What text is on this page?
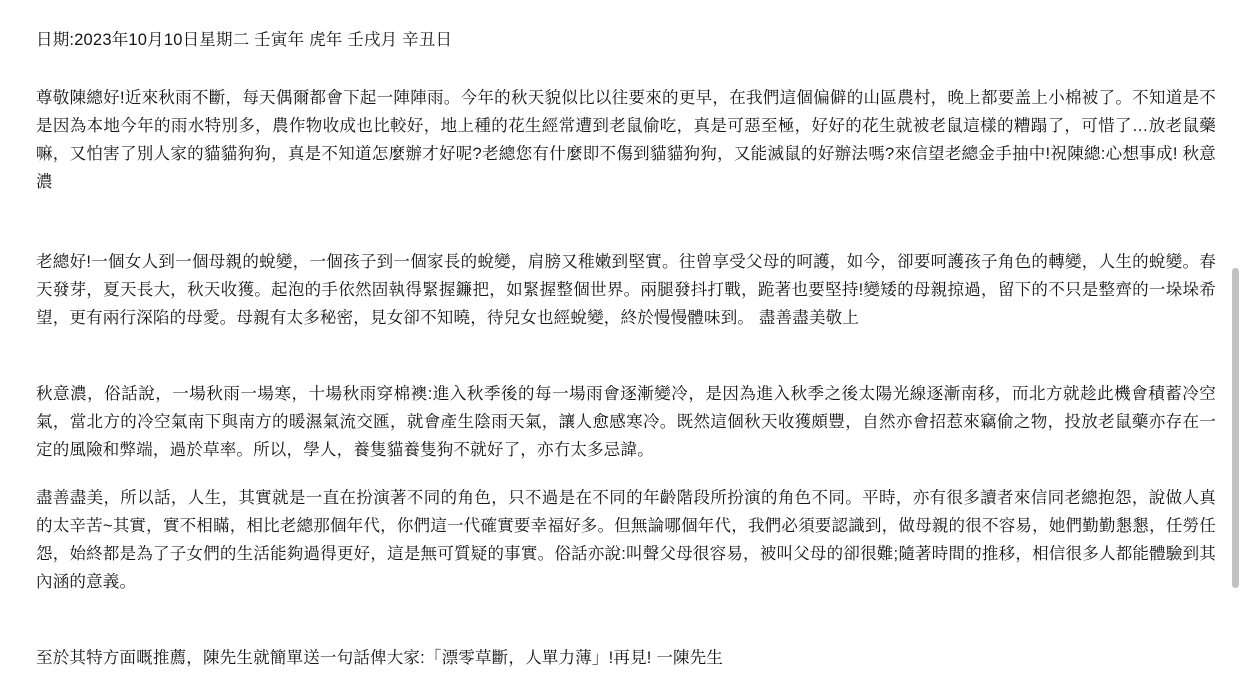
日期:2023年10月10日星期二 壬寅年 虎年 壬戌月 辛丑日

尊敬陳總好!近來秋雨不斷，每天偶爾都會下起一陣陣雨。今年的秋天貌似比以往要來的更早，在我們這個偏僻的山區農村，晚上都要盖上小棉被了。不知道是不是因為本地今年的雨水特別多，農作物收成也比較好，地上種的花生經常遭到老鼠偷吃，真是可惡至極，好好的花生就被老鼠這樣的糟蹋了，可惜了…放老鼠藥嘛，又怕害了別人家的貓貓狗狗，真是不知道怎麼辦才好呢?老總您有什麼即不傷到貓貓狗狗，又能滅鼠的好辦法嗎?來信望老總金手抽中!祝陳總:心想事成! 秋意濃

老總好!一個女人到一個母親的蛻變，一個孩子到一個家長的蛻變，肩膀又稚嫩到堅實。往曾享受父母的呵護，如今，卻要呵護孩子角色的轉變，人生的蛻變。春天發芽，夏天長大，秋天收獲。起泡的手依然固執得緊握鐮把，如緊握整個世界。兩腿發抖打戰，跪著也要堅持!變矮的母親掠過，留下的不只是整齊的一垛垛希望，更有兩行深陷的母愛。母親有太多秘密，見女卻不知曉，待兒女也經蛻變，終於慢慢體味到。 盡善盡美敬上

秋意濃，俗話說，一場秋雨一場寒，十場秋雨穿棉襖:進入秋季後的每一場雨會逐漸變冷，是因為進入秋季之後太陽光線逐漸南移，而北方就趁此機會積蓄冷空氣，當北方的冷空氣南下與南方的暖濕氣流交匯，就會產生陰雨天氣，讓人愈感寒冷。既然這個秋天收獲頗豐，自然亦會招惹來竊偷之物，投放老鼠藥亦存在一定的風險和弊端，過於草率。所以，學人，養隻貓養隻狗不就好了，亦冇太多忌諱。

盡善盡美，所以話，人生，其實就是一直在扮演著不同的角色，只不過是在不同的年齡階段所扮演的角色不同。平時，亦有很多讀者來信同老總抱怨，說做人真的太辛苦~其實，實不相瞞，相比老總那個年代，你們這一代確實要幸福好多。但無論哪個年代，我們必須要認識到，做母親的很不容易，她們勤勤懇懇，任勞任怨，始終都是為了子女們的生活能夠過得更好，這是無可質疑的事實。俗話亦說:叫聲父母很容易，被叫父母的卻很難;隨著時間的推移，相信很多人都能體驗到其內涵的意義。

至於其特方面嘅推薦，陳先生就簡單送一句話俾大家:「漂零草斷，人單力薄」!再見! 一陳先生
